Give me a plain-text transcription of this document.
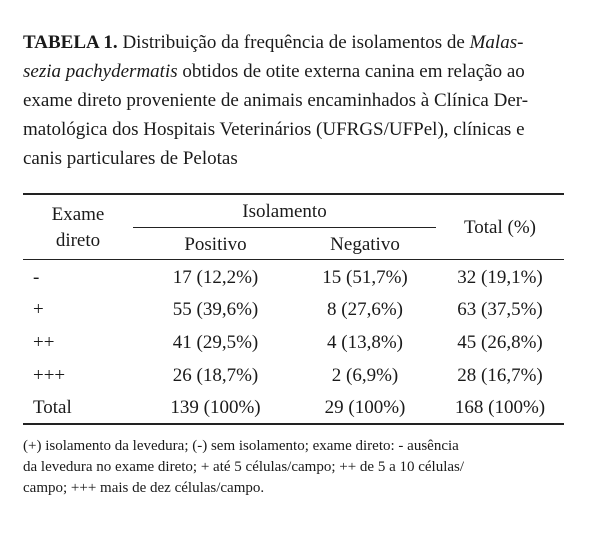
TABELA 1. Distribuição da frequência de isolamentos de Malas-
sezia pachydermatis obtidos de otite externa canina em relação ao
exame direto proveniente de animais encaminhados à Clínica Der-
matológica dos Hospitais Veterinários (UFRGS/UFPel), clínicas e
canis particulares de Pelotas
Exame
direto
Isolamento
Positivo	Negativo
Total (%)
-	17 (12,2%)	15 (51,7%)	32 (19,1%)
+	55 (39,6%)	8 (27,6%)	63 (37,5%)
++	41 (29,5%)	4 (13,8%)	45 (26,8%)
+++	26 (18,7%)	2 (6,9%)	28 (16,7%)
Total	139 (100%)	29 (100%)	168 (100%)
(+) isolamento da levedura; (-) sem isolamento; exame direto: - ausência
da levedura no exame direto; + até 5 células/campo; ++ de 5 a 10 células/
campo; +++ mais de dez células/campo.
